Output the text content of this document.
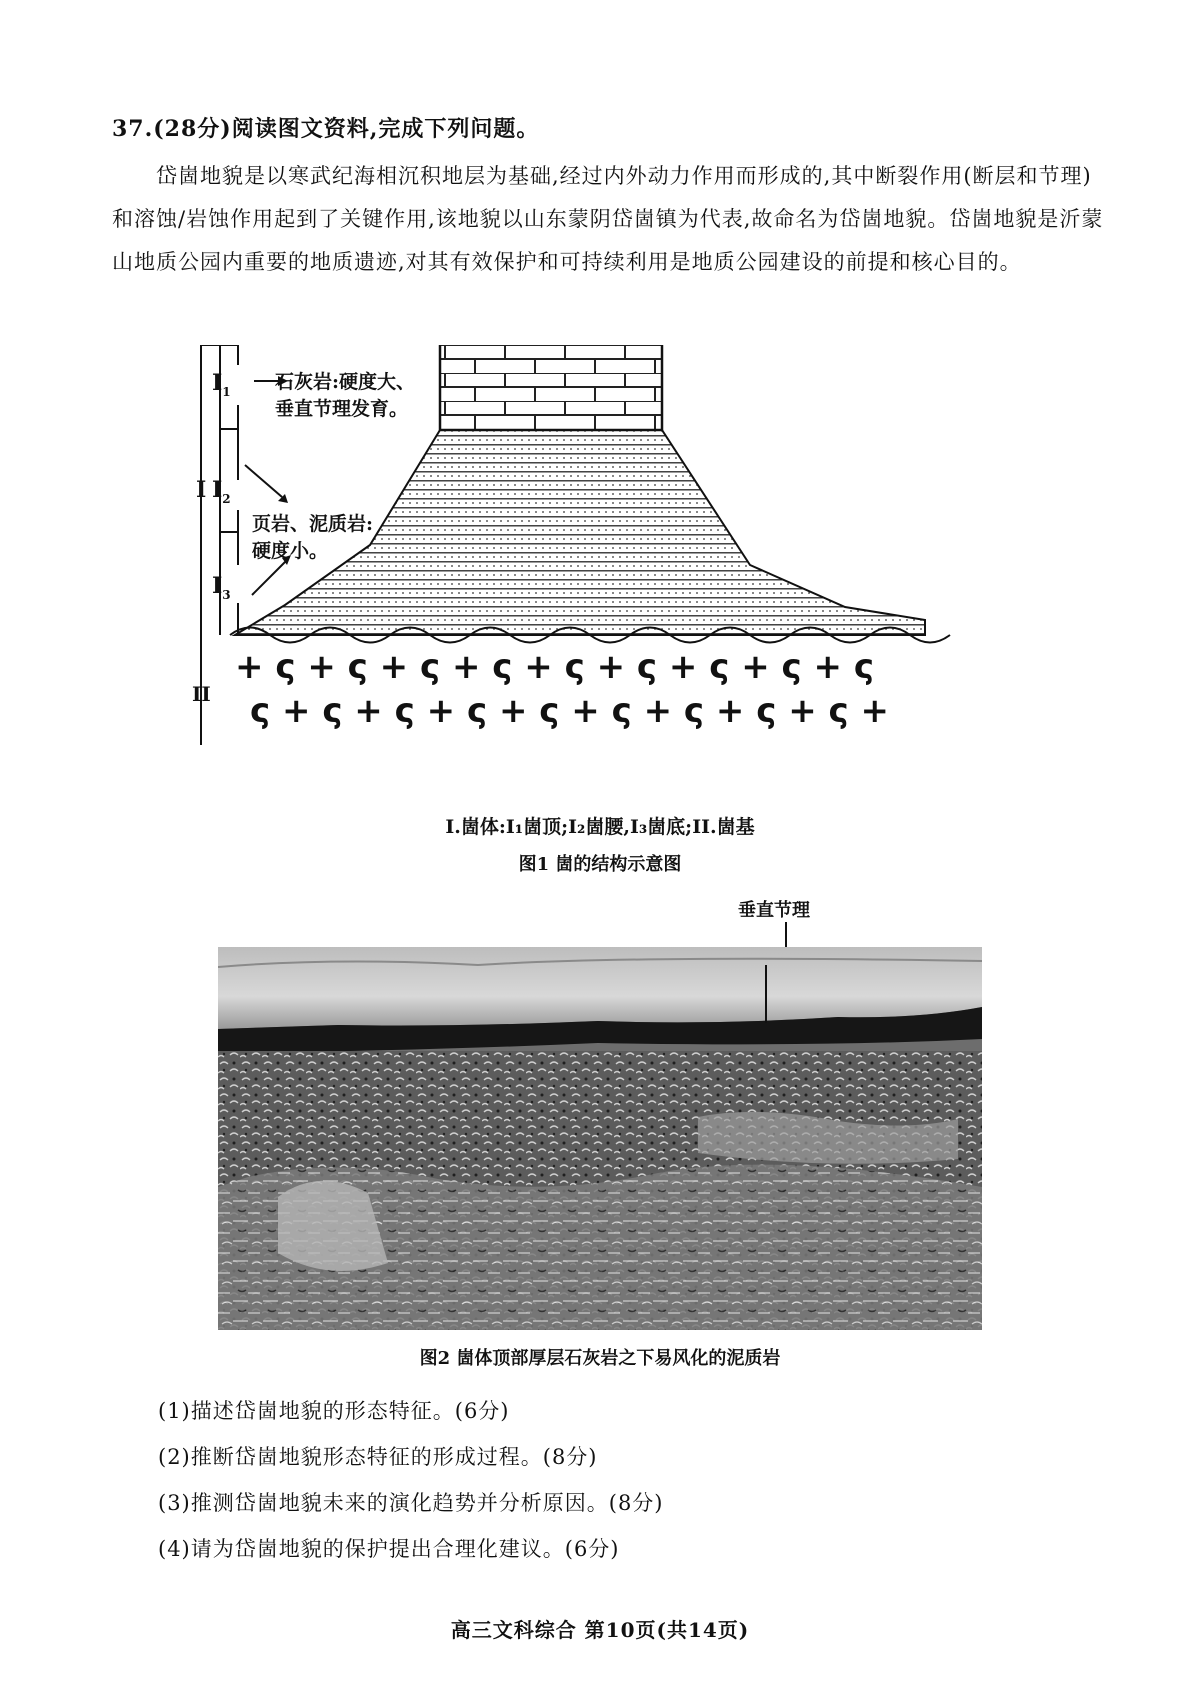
37.(28分)阅读图文资料,完成下列问题。
岱崮地貌是以寒武纪海相沉积地层为基础,经过内外动力作用而形成的,其中断裂作用(断层和节理)和溶蚀/岩蚀作用起到了关键作用,该地貌以山东蒙阴岱崮镇为代表,故命名为岱崮地貌。岱崮地貌是沂蒙山地质公园内重要的地质遗迹,对其有效保护和可持续利用是地质公园建设的前提和核心目的。
+ ς + ς + ς + ς + ς + ς + ς + ς + ς
ς + ς + ς + ς + ς + ς + ς + ς + ς +
$I_1$
I $I_2$
$I_3$
II
石灰岩:硬度大、
垂直节理发育。
页岩、泥质岩:
硬度小。
I.崮体:I₁崮顶;I₂崮腰,I₃崮底;II.崮基
图1 崮的结构示意图
垂直节理
图2 崮体顶部厚层石灰岩之下易风化的泥质岩
(1)描述岱崮地貌的形态特征。(6分)
(2)推断岱崮地貌形态特征的形成过程。(8分)
(3)推测岱崮地貌未来的演化趋势并分析原因。(8分)
(4)请为岱崮地貌的保护提出合理化建议。(6分)
高三文科综合 第10页(共14页)
